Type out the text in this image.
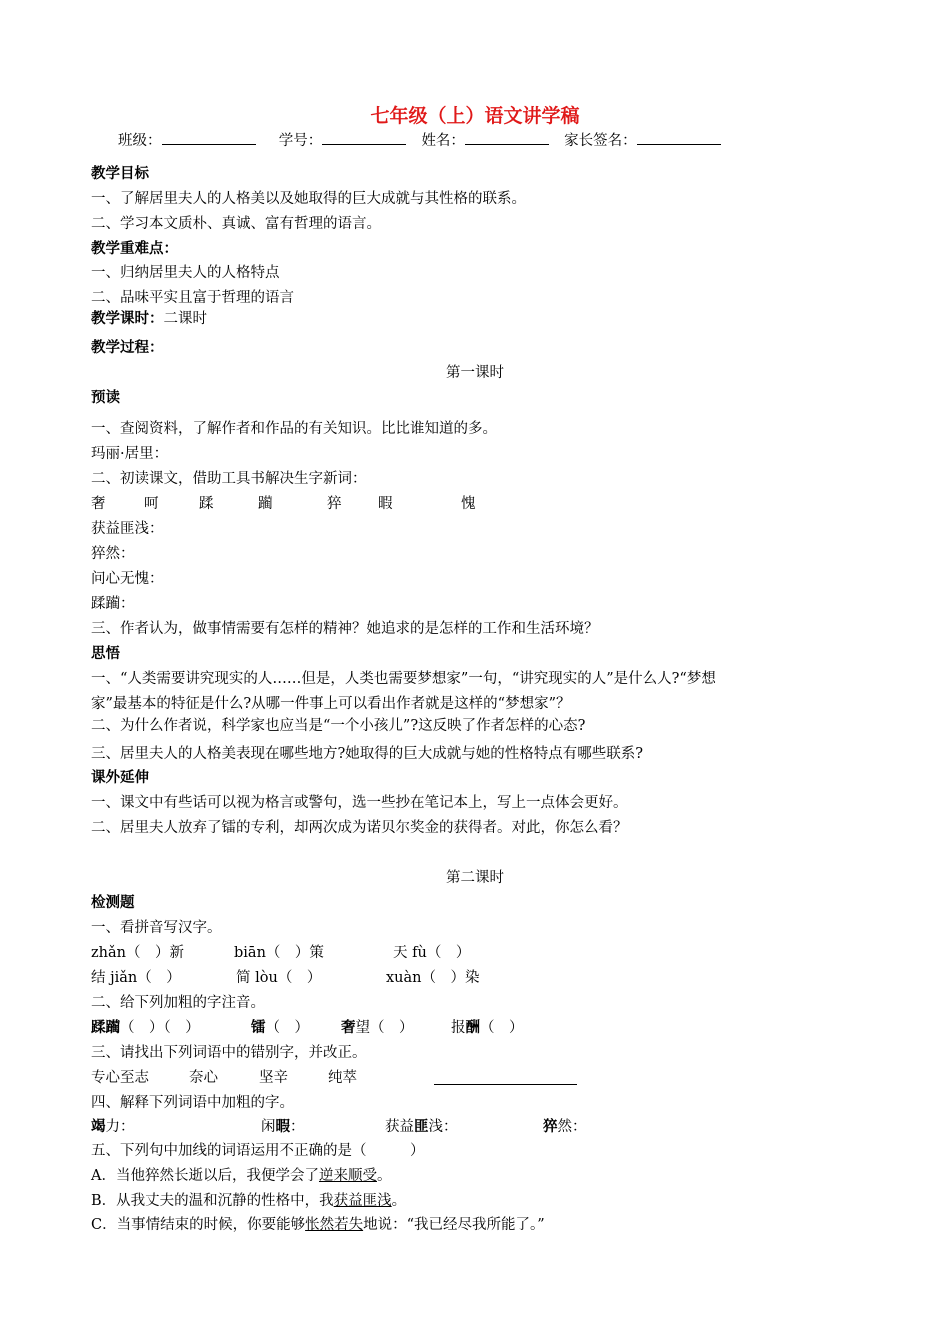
七年级（上）语文讲学稿
班级：	学号：	姓名：	家长签名：
教学目标
一、了解居里夫人的人格美以及她取得的巨大成就与其性格的联系。
二、学习本文质朴、真诚、富有哲理的语言。
教学重难点：
一、归纳居里夫人的人格特点
二、品味平实且富于哲理的语言
教学课时：二课时
教学过程：
第一课时
预读
一、查阅资料，了解作者和作品的有关知识。比比谁知道的多。
玛丽·居里：
二、初读课文，借助工具书解决生字新词：
奢	呵	蹂	躏	猝	暇	愧
获益匪浅：
猝然：
问心无愧：
蹂躏：
三、作者认为，做事情需要有怎样的精神？她追求的是怎样的工作和生活环境？
思悟
一、“人类需要讲究现实的人……但是，人类也需要梦想家”一句，“讲究现实的人”是什么人?“梦想
家”最基本的特征是什么?从哪一件事上可以看出作者就是这样的“梦想家”？
二、为什么作者说，科学家也应当是“一个小孩儿”?这反映了作者怎样的心态?
三、居里夫人的人格美表现在哪些地方?她取得的巨大成就与她的性格特点有哪些联系?
课外延伸
一、课文中有些话可以视为格言或警句，选一些抄在笔记本上，写上一点体会更好。
二、居里夫人放弃了镭的专利，却两次成为诺贝尔奖金的获得者。对此，你怎么看？
第二课时
检测题
一、看拼音写汉字。
zhǎn（　）新	biān（　）策	天 fù（　）
结 jiǎn（　）	简 lòu（　）	xuàn（　）染
二、给下列加粗的字注音。
蹂躏（　）（　）	镭（　） 奢望（　）	报酬（　）
三、请找出下列词语中的错别字，并改正。
专心至志	奈心	坚辛	纯萃
四、解释下列词语中加粗的字。
竭力：	闲暇：	获益匪浅：	猝然：
五、下列句中加线的词语运用不正确的是（　　　）
A．当他猝然长逝以后，我便学会了逆来顺受。
B．从我丈夫的温和沉静的性格中，我获益匪浅。
C．当事情结束的时候，你要能够怅然若失地说：“我已经尽我所能了。”
